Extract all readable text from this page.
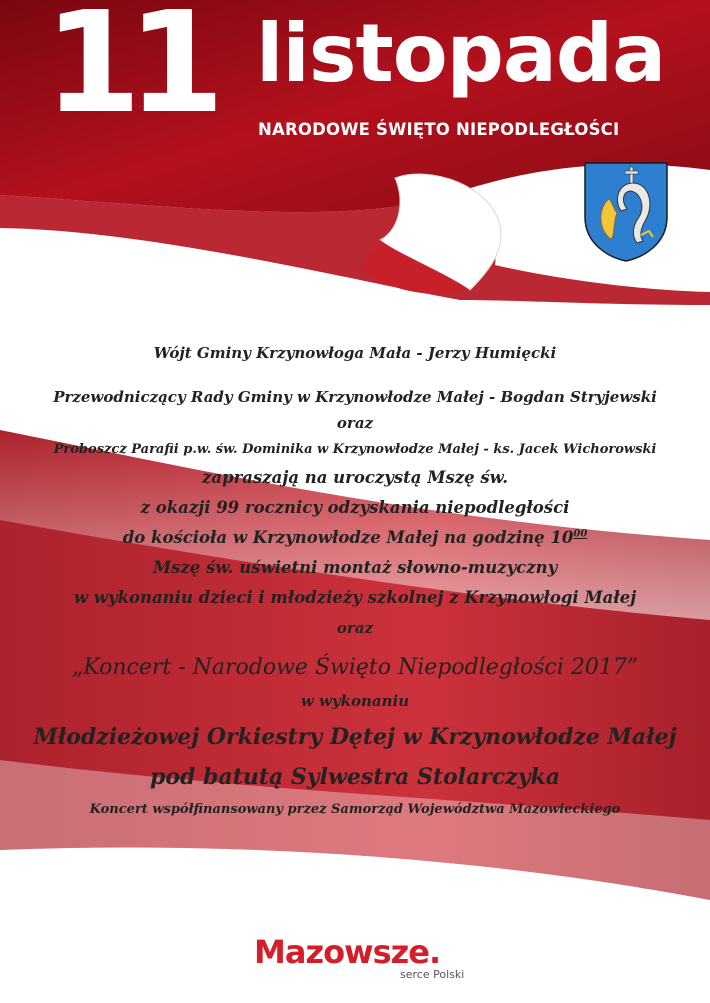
11 listopada
NARODOWE ŚWIĘTO NIEPODLEGŁOŚCI
Wójt Gminy Krzynowłoga Mała - Jerzy Humięcki
Przewodniczący Rady Gminy w Krzynowłodze Małej - Bogdan Stryjewski
oraz
Proboszcz Parafii p.w. św. Dominika w Krzynowłodze Małej - ks. Jacek Wichorowski
zapraszają na uroczystą Mszę św.
z okazji 99 rocznicy odzyskania niepodległości
do kościoła w Krzynowłodze Małej na godzinę $10^{00}$
Mszę św. uświetni montaż słowno-muzyczny
w wykonaniu dzieci i młodzieży szkolnej z Krzynowłogi Małej
oraz
„Koncert - Narodowe Święto Niepodległości 2017”
w wykonaniu
Młodzieżowej Orkiestry Dętej w Krzynowłodze Małej
pod batutą Sylwestra Stolarczyka
Koncert współfinansowany przez Samorząd Województwa Mazowieckiego
Mazowsze.
serce Polski
